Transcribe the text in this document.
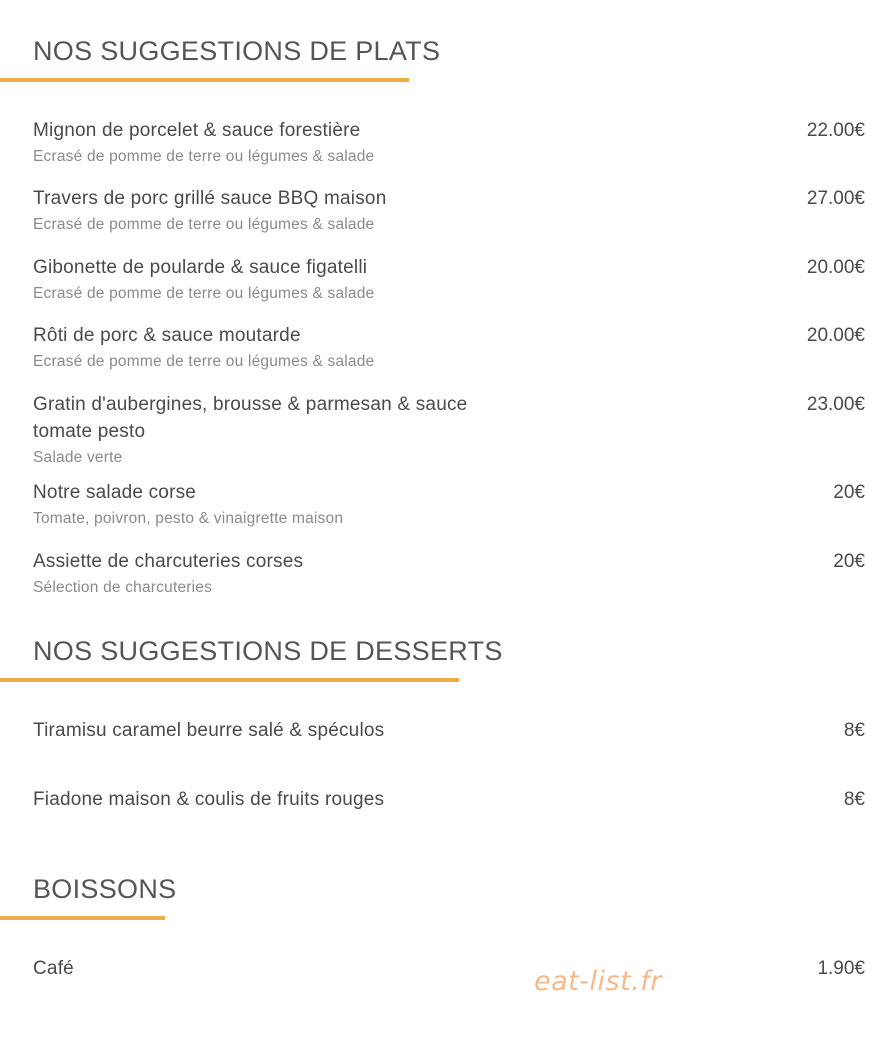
NOS SUGGESTIONS DE PLATS
Mignon de porcelet & sauce forestière
Ecrasé de pomme de terre ou légumes & salade
22.00€
Travers de porc grillé sauce BBQ maison
Ecrasé de pomme de terre ou légumes & salade
27.00€
Gibonette de poularde & sauce figatelli
Ecrasé de pomme de terre ou légumes & salade
20.00€
Rôti de porc & sauce moutarde
Ecrasé de pomme de terre ou légumes & salade
20.00€
Gratin d'aubergines, brousse & parmesan & sauce tomate pesto
Salade verte
23.00€
Notre salade corse
Tomate, poivron, pesto & vinaigrette maison
20€
Assiette de charcuteries corses
Sélection de charcuteries
20€
NOS SUGGESTIONS DE DESSERTS
Tiramisu caramel beurre salé & spéculos	8€
Fiadone maison & coulis de fruits rouges	8€
BOISSONS
Café	1.90€
eat-list.fr
